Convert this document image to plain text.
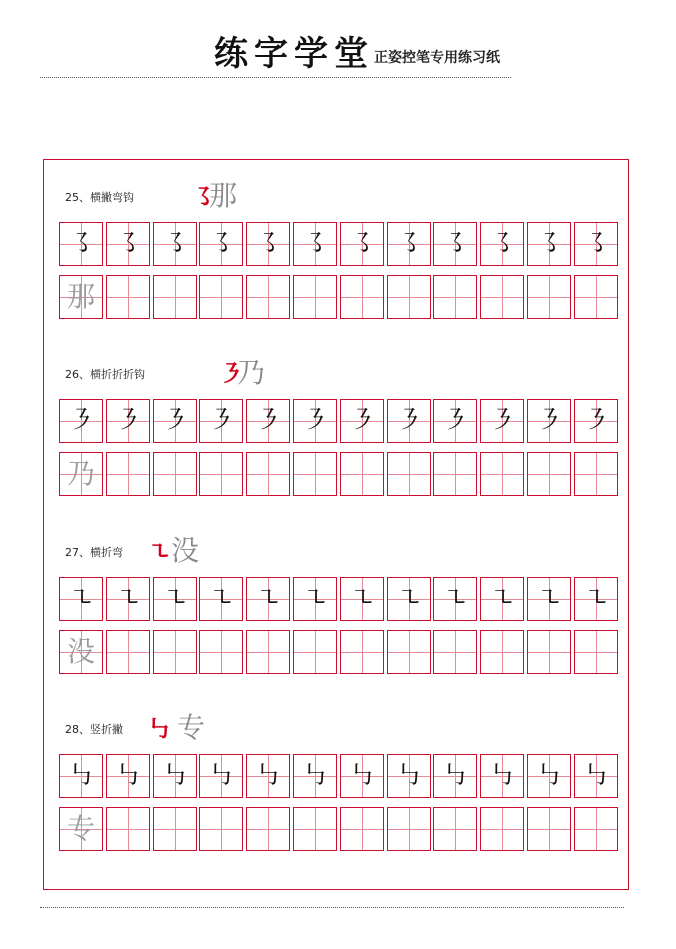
练字学堂 正姿控笔专用练习纸
25、横撇弯钩 ㇌
那
㇌ ㇌ ㇌ ㇌ ㇌ ㇌ ㇌ ㇌ ㇌ ㇌ ㇌ ㇌
那
26、横折折折钩	㇋
乃
㇋ ㇋ ㇋ ㇋ ㇋ ㇋ ㇋ ㇋ ㇋ ㇋ ㇋ ㇋
乃
27、横折弯 ㇍ 没
㇍ ㇍ ㇍ ㇍ ㇍ ㇍ ㇍ ㇍ ㇍ ㇍ ㇍ ㇍
没
28、竖折撇 ㇉ 专
㇉ ㇉ ㇉ ㇉ ㇉ ㇉ ㇉ ㇉ ㇉ ㇉ ㇉ ㇉
专
